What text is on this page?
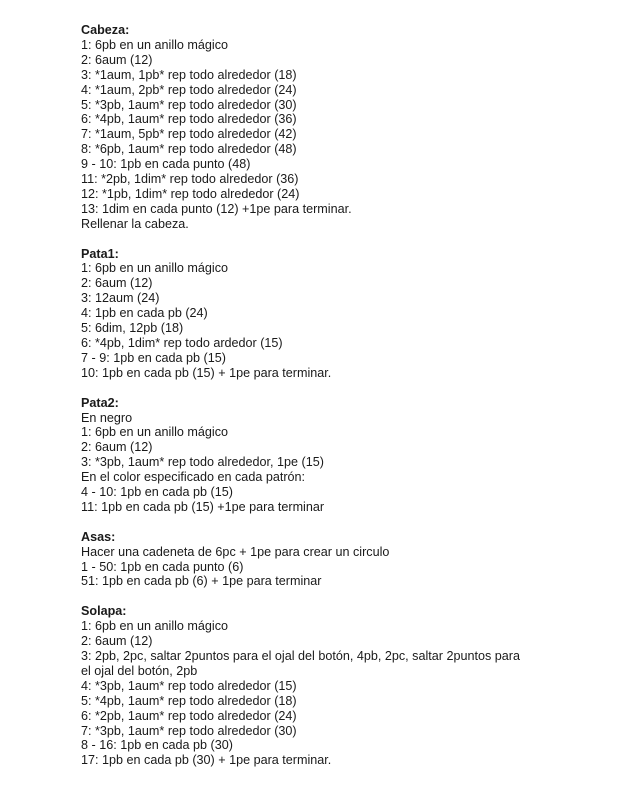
Cabeza:
1: 6pb en un anillo mágico
2: 6aum (12)
3: *1aum, 1pb* rep todo alrededor (18)
4: *1aum, 2pb* rep todo alrededor (24)
5: *3pb, 1aum* rep todo alrededor (30)
6: *4pb, 1aum* rep todo alrededor (36)
7: *1aum, 5pb* rep todo alrededor (42)
8: *6pb, 1aum* rep todo alrededor (48)
9 - 10: 1pb en cada punto (48)
11: *2pb, 1dim* rep todo alrededor (36)
12: *1pb, 1dim* rep todo alrededor (24)
13: 1dim en cada punto (12) +1pe para terminar.
Rellenar la cabeza.
Pata1:
1: 6pb en un anillo mágico
2: 6aum (12)
3: 12aum (24)
4: 1pb en cada pb (24)
5: 6dim, 12pb (18)
6: *4pb, 1dim* rep todo ardedor (15)
7 - 9: 1pb en cada pb (15)
10: 1pb en cada pb (15) + 1pe para terminar.
Pata2:
En negro
1: 6pb en un anillo mágico
2: 6aum (12)
3: *3pb, 1aum* rep todo alrededor, 1pe (15)
En el color especificado en cada patrón:
4 - 10: 1pb en cada pb (15)
11: 1pb en cada pb (15) +1pe para terminar
Asas:
Hacer una cadeneta de 6pc + 1pe para crear un circulo
1 - 50: 1pb en cada punto (6)
51: 1pb en cada pb (6) + 1pe para terminar
Solapa:
1: 6pb en un anillo mágico
2: 6aum (12)
3: 2pb, 2pc, saltar 2puntos para el ojal del botón, 4pb, 2pc, saltar 2puntos para
el ojal del botón, 2pb
4: *3pb, 1aum* rep todo alrededor (15)
5: *4pb, 1aum* rep todo alrededor (18)
6: *2pb, 1aum* rep todo alrededor (24)
7: *3pb, 1aum* rep todo alrededor (30)
8 - 16: 1pb en cada pb (30)
17: 1pb en cada pb (30) + 1pe para terminar.
